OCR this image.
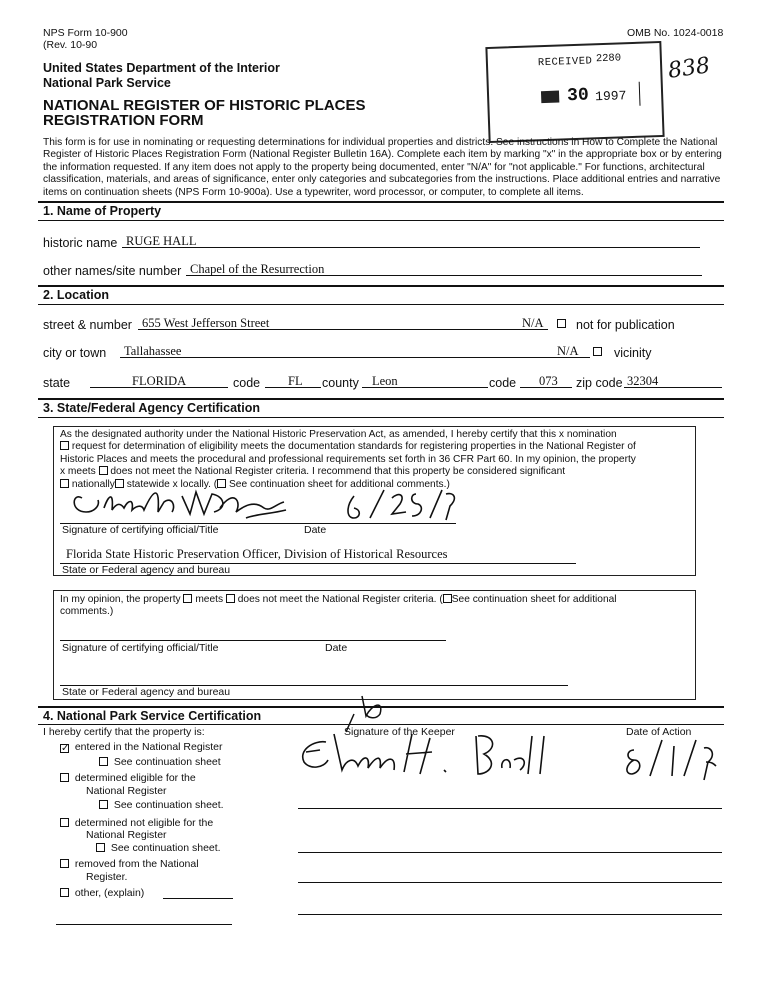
NPS Form 10-900
(Rev. 10-90
OMB No. 1024-0018
United States Department of the Interior
National Park Service
NATIONAL REGISTER OF HISTORIC PLACES
REGISTRATION FORM
RECEIVED 2280
30 1997
838
This form is for use in nominating or requesting determinations for individual properties and districts. See instructions in How to Complete the National
Register of Historic Places Registration Form (National Register Bulletin 16A). Complete each item by marking "x" in the appropriate box or by entering
the information requested. If any item does not apply to the property being documented, enter "N/A" for "not applicable." For functions, architectural
classification, materials, and areas of significance, enter only categories and subcategories from the instructions. Place additional entries and narrative
items on continuation sheets (NPS Form 10-900a). Use a typewriter, word processor, or computer, to complete all items.
1. Name of Property
historic name RUGE HALL
other names/site number Chapel of the Resurrection
2. Location
street & number 655 West Jefferson Street	N/A	not for publication
city or town Tallahassee	N/A	vicinity
state	FLORIDA	code FL county Leon	code 073 zip code 32304
3. State/Federal Agency Certification
As the designated authority under the National Historic Preservation Act, as amended, I hereby certify that this x nomination
request for determination of eligibility meets the documentation standards for registering properties in the National Register of
Historic Places and meets the procedural and professional requirements set forth in 36 CFR Part 60. In my opinion, the property
x meets does not meet the National Register criteria. I recommend that this property be considered significant
nationally statewide x locally. ( See continuation sheet for additional comments.)
Signature of certifying official/Title	Date
Florida State Historic Preservation Officer, Division of Historical Resources
State or Federal agency and bureau
In my opinion, the property meets does not meet the National Register criteria. ( See continuation sheet for additional
comments.)
Signature of certifying official/Title	Date
State or Federal agency and bureau
4. National Park Service Certification
I hereby certify that the property is:	Signature of the Keeper	Date of Action
✓  entered in the National Register
See continuation sheet
determined eligible for the
National Register
See continuation sheet.
determined not eligible for the
National Register
See continuation sheet.
removed from the National
Register.
other, (explain)
